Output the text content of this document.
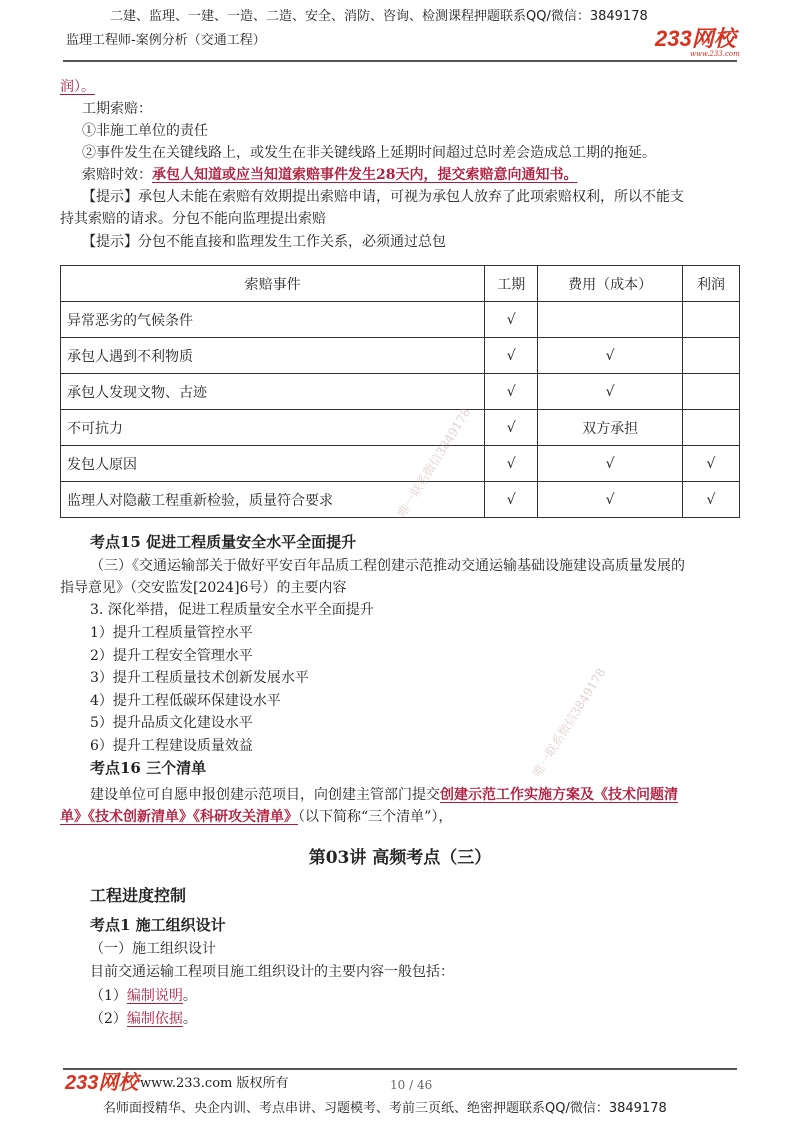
二建、监理、一建、一造、二造、安全、消防、咨询、检测课程押题联系QQ/微信：3849178
监理工程师-案例分析（交通工程）	233网校
www.233.com
润）。
工期索赔：
①非施工单位的责任
②事件发生在关键线路上，或发生在非关键线路上延期时间超过总时差会造成总工期的拖延。
索赔时效：承包人知道或应当知道索赔事件发生28天内，提交索赔意向通知书。
【提示】承包人未能在索赔有效期提出索赔申请，可视为承包人放弃了此项索赔权利，所以不能支
持其索赔的请求。分包不能向监理提出索赔
【提示】分包不能直接和监理发生工作关系，必须通过总包
索赔事件	工期	费用（成本）	利润
异常恶劣的气候条件	√		
承包人遇到不利物质	√	√	
承包人发现文物、古迹	√	√	
不可抗力	√	双方承担	
发包人原因	√	√	√
监理人对隐蔽工程重新检验，质量符合要求	√	√	√
唯一联系微信3849178
唯一联系微信3849178
考点15 促进工程质量安全水平全面提升
（三）《交通运输部关于做好平安百年品质工程创建示范推动交通运输基础设施建设高质量发展的
指导意见》（交安监发[2024]6号）的主要内容
3. 深化举措，促进工程质量安全水平全面提升
1）提升工程质量管控水平
2）提升工程安全管理水平
3）提升工程质量技术创新发展水平
4）提升工程低碳环保建设水平
5）提升品质文化建设水平
6）提升工程建设质量效益
考点16 三个清单
建设单位可自愿申报创建示范项目，向创建主管部门提交创建示范工作实施方案及《技术问题清
单》《技术创新清单》《科研攻关清单》（以下简称“三个清单”），
第03讲 高频考点（三）
工程进度控制
考点1 施工组织设计
（一）施工组织设计
目前交通运输工程项目施工组织设计的主要内容一般包括：
（1）编制说明。
（2）编制依据。
233网校 www.233.com 版权所有	10 / 46
名师面授精华、央企内训、考点串讲、习题模考、考前三页纸、绝密押题联系QQ/微信：3849178
